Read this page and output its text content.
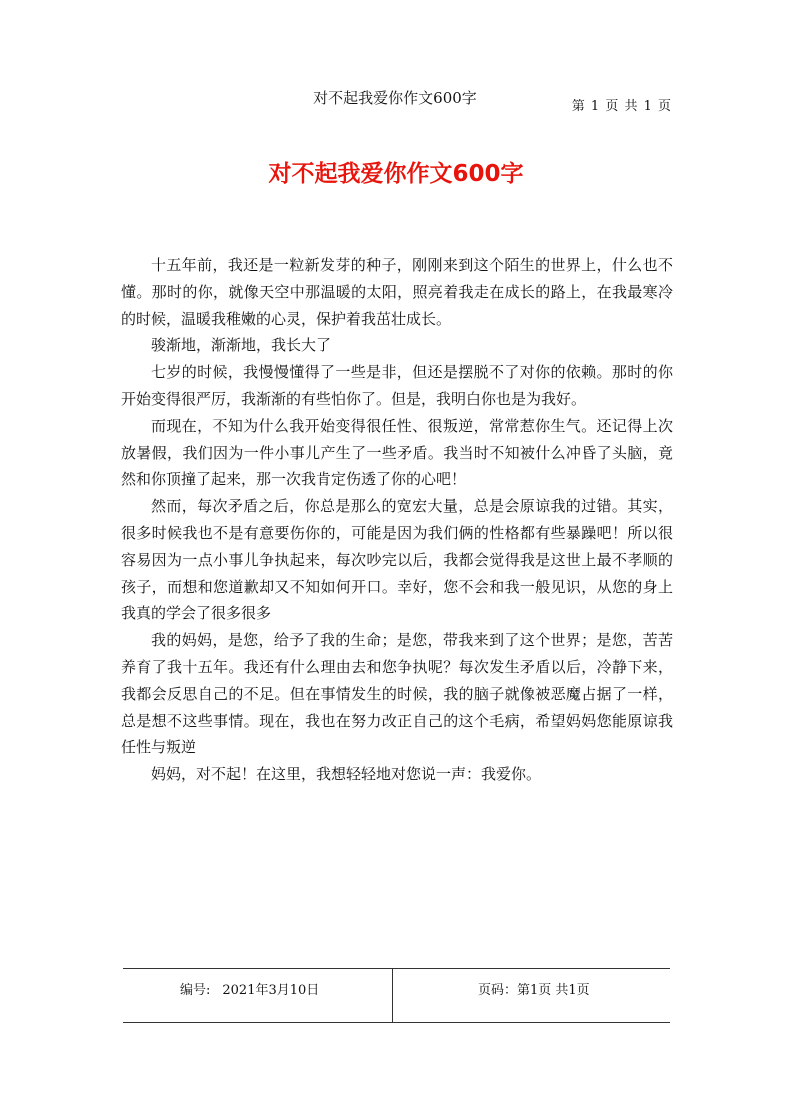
对不起我爱你作文600字	第 1 页 共 1 页
对不起我爱你作文600字

十五年前，我还是一粒新发芽的种子，刚刚来到这个陌生的世界上，什么也不懂。那时的你，就像天空中那温暖的太阳，照亮着我走在成长的路上，在我最寒冷的时候，温暖我稚嫩的心灵，保护着我茁壮成长。

骏渐地，渐渐地，我长大了

七岁的时候，我慢慢懂得了一些是非，但还是摆脱不了对你的依赖。那时的你开始变得很严厉，我渐渐的有些怕你了。但是，我明白你也是为我好。

而现在，不知为什么我开始变得很任性、很叛逆，常常惹你生气。还记得上次放暑假，我们因为一件小事儿产生了一些矛盾。我当时不知被什么冲昏了头脑，竟然和你顶撞了起来，那一次我肯定伤透了你的心吧！

然而，每次矛盾之后，你总是那么的宽宏大量，总是会原谅我的过错。其实，很多时候我也不是有意要伤你的，可能是因为我们俩的性格都有些暴躁吧！所以很容易因为一点小事儿争执起来，每次吵完以后，我都会觉得我是这世上最不孝顺的孩子，而想和您道歉却又不知如何开口。幸好，您不会和我一般见识，从您的身上我真的学会了很多很多

我的妈妈，是您，给予了我的生命；是您，带我来到了这个世界；是您，苦苦养育了我十五年。我还有什么理由去和您争执呢？每次发生矛盾以后，冷静下来，我都会反思自己的不足。但在事情发生的时候，我的脑子就像被恶魔占据了一样，总是想不这些事情。现在，我也在努力改正自己的这个毛病，希望妈妈您能原谅我任性与叛逆

妈妈，对不起！在这里，我想轻轻地对您说一声：我爱你。

编号: 2021年3月10日	页码：第1页 共1页
